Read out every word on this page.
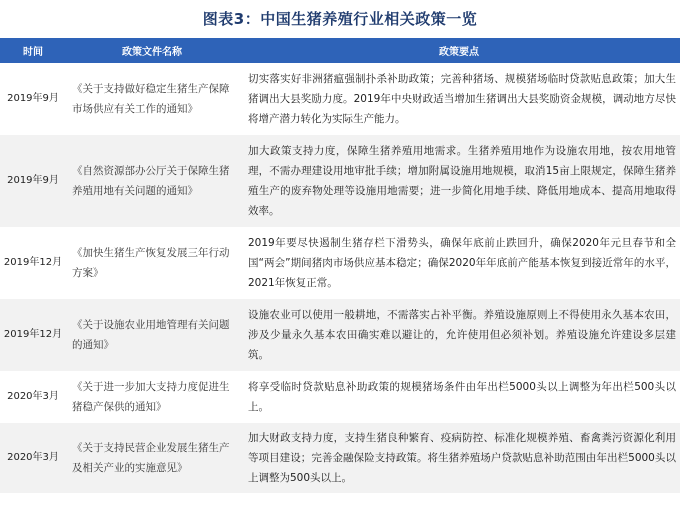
图表3：中国生猪养殖行业相关政策一览
时间	政策文件名称	政策要点
2019年9月	《关于支持做好稳定生猪生产保障市场供应有关工作的通知》	切实落实好非洲猪瘟强制扑杀补助政策；完善种猪场、规模猪场临时贷款贴息政策；加大生猪调出大县奖励力度。2019年中央财政适当增加生猪调出大县奖励资金规模，调动地方尽快将增产潜力转化为实际生产能力。
2019年9月	《自然资源部办公厅关于保障生猪养殖用地有关问题的通知》	加大政策支持力度，保障生猪养殖用地需求。生猪养殖用地作为设施农用地，按农用地管理，不需办理建设用地审批手续；增加附属设施用地规模，取消15亩上限规定，保障生猪养殖生产的废弃物处理等设施用地需要；进一步简化用地手续、降低用地成本、提高用地取得效率。
2019年12月	《加快生猪生产恢复发展三年行动方案》	2019年要尽快遏制生猪存栏下滑势头，确保年底前止跌回升，确保2020年元旦春节和全国“两会”期间猪肉市场供应基本稳定；确保2020年年底前产能基本恢复到接近常年的水平，2021年恢复正常。
2019年12月	《关于设施农业用地管理有关问题的通知》	设施农业可以使用一般耕地，不需落实占补平衡。养殖设施原则上不得使用永久基本农田，涉及少量永久基本农田确实难以避让的，允许使用但必须补划。养殖设施允许建设多层建筑。
2020年3月	《关于进一步加大支持力度促进生猪稳产保供的通知》	将享受临时贷款贴息补助政策的规模猪场条件由年出栏5000头以上调整为年出栏500头以上。
2020年3月	《关于支持民营企业发展生猪生产及相关产业的实施意见》	加大财政支持力度，支持生猪良种繁育、疫病防控、标准化规模养殖、畜禽粪污资源化利用等项目建设；完善金融保险支持政策。将生猪养殖场户贷款贴息补助范围由年出栏5000头以上调整为500头以上。
